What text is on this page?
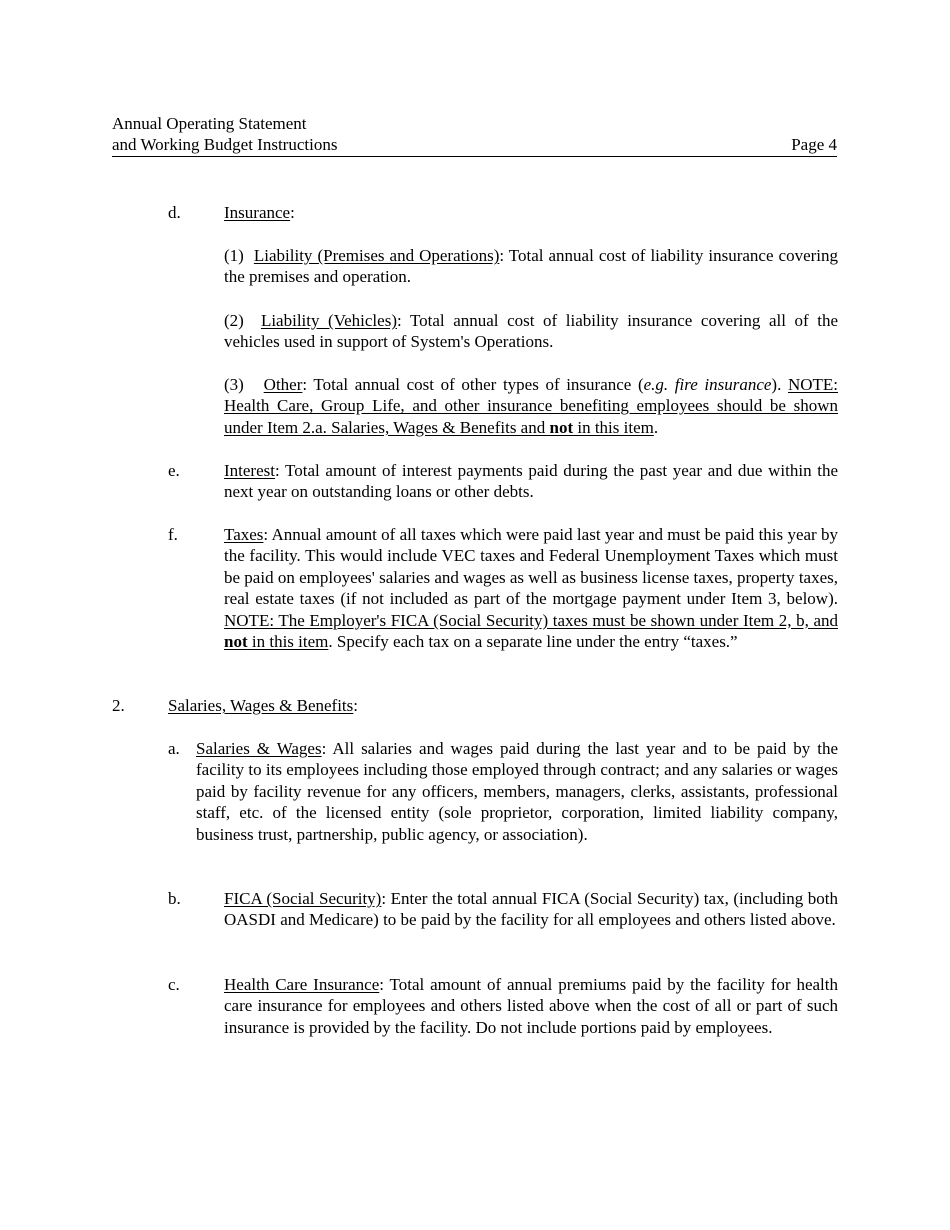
Annual Operating Statement
and Working Budget Instructions	Page 4
d.	Insurance:

(1) Liability (Premises and Operations): Total annual cost of liability insurance covering the premises and operation.

(2) Liability (Vehicles): Total annual cost of liability insurance covering all of the vehicles used in support of System's Operations.

(3) Other: Total annual cost of other types of insurance (e.g. fire insurance). NOTE: Health Care, Group Life, and other insurance benefiting employees should be shown under Item 2.a. Salaries, Wages & Benefits and not in this item.

e.	Interest: Total amount of interest payments paid during the past year and due within the next year on outstanding loans or other debts.

f.	Taxes: Annual amount of all taxes which were paid last year and must be paid this year by the facility. This would include VEC taxes and Federal Unemployment Taxes which must be paid on employees' salaries and wages as well as business license taxes, property taxes, real estate taxes (if not included as part of the mortgage payment under Item 3, below). NOTE: The Employer's FICA (Social Security) taxes must be shown under Item 2, b, and not in this item. Specify each tax on a separate line under the entry “taxes.”

2.	Salaries, Wages & Benefits:

a. Salaries & Wages: All salaries and wages paid during the last year and to be paid by the facility to its employees including those employed through contract; and any salaries or wages paid by facility revenue for any officers, members, managers, clerks, assistants, professional staff, etc. of the licensed entity (sole proprietor, corporation, limited liability company, business trust, partnership, public agency, or association).

b.	FICA (Social Security): Enter the total annual FICA (Social Security) tax, (including both OASDI and Medicare) to be paid by the facility for all employees and others listed above.

c.	Health Care Insurance: Total amount of annual premiums paid by the facility for health care insurance for employees and others listed above when the cost of all or part of such insurance is provided by the facility. Do not include portions paid by employees.
